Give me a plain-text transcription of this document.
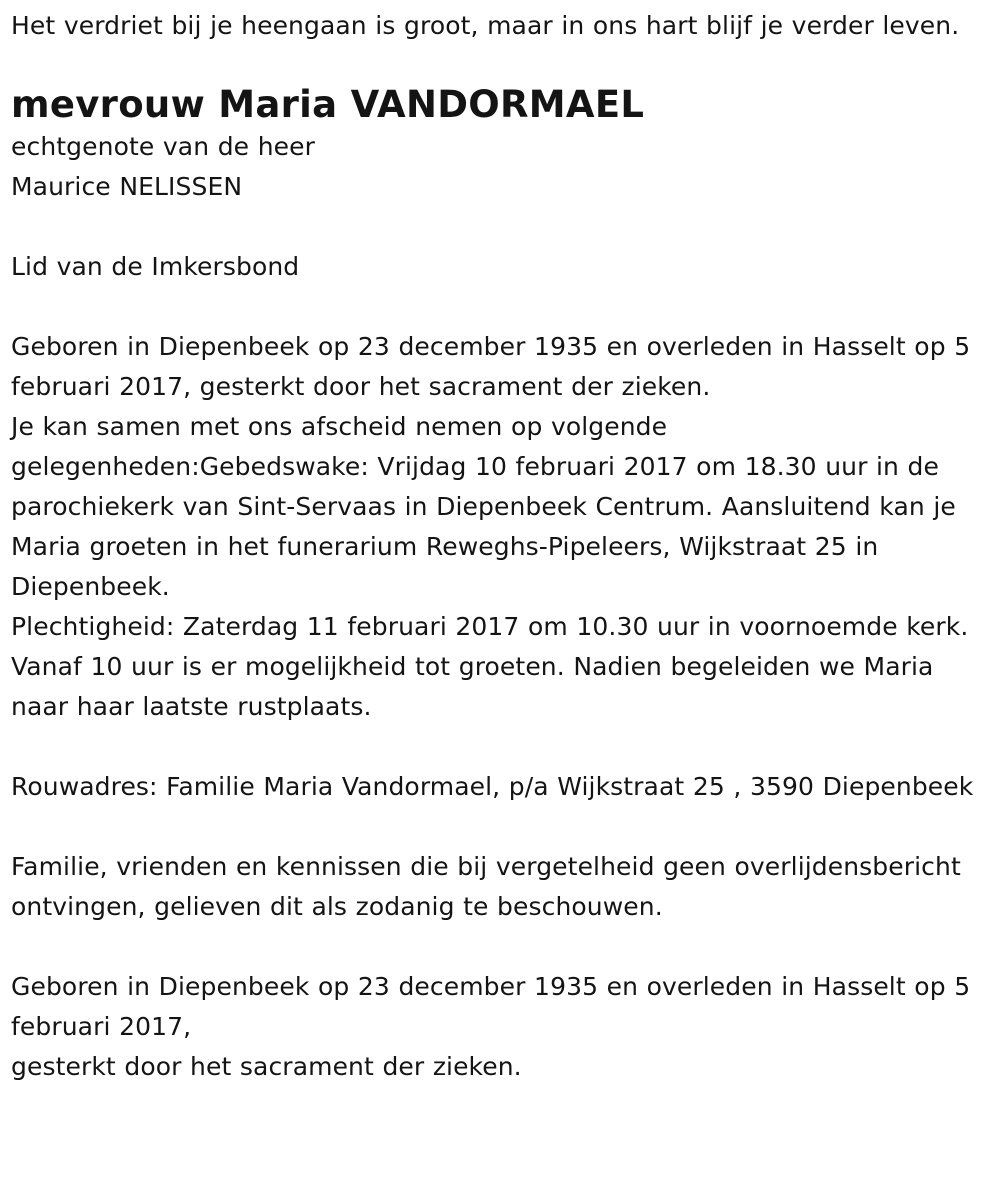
Het verdriet bij je heengaan is groot, maar in ons hart blijf je verder leven.

mevrouw Maria VANDORMAEL

echtgenote van de heer

Maurice NELISSEN

Lid van de Imkersbond

Geboren in Diepenbeek op 23 december 1935 en overleden in Hasselt op 5 februari 2017, gesterkt door het sacrament der zieken.

Je kan samen met ons afscheid nemen op volgende gelegenheden:Gebedswake: Vrijdag 10 februari 2017 om 18.30 uur in de parochiekerk van Sint-Servaas in Diepenbeek Centrum. Aansluitend kan je Maria groeten in het funerarium Reweghs-Pipeleers, Wijkstraat 25 in Diepenbeek.

Plechtigheid: Zaterdag 11 februari 2017 om 10.30 uur in voornoemde kerk. Vanaf 10 uur is er mogelijkheid tot groeten. Nadien begeleiden we Maria naar haar laatste rustplaats.

Rouwadres: Familie Maria Vandormael, p/a Wijkstraat 25 , 3590 Diepenbeek

Familie, vrienden en kennissen die bij vergetelheid geen overlijdensbericht ontvingen, gelieven dit als zodanig te beschouwen.

Geboren in Diepenbeek op 23 december 1935 en overleden in Hasselt op 5 februari 2017,

gesterkt door het sacrament der zieken.
